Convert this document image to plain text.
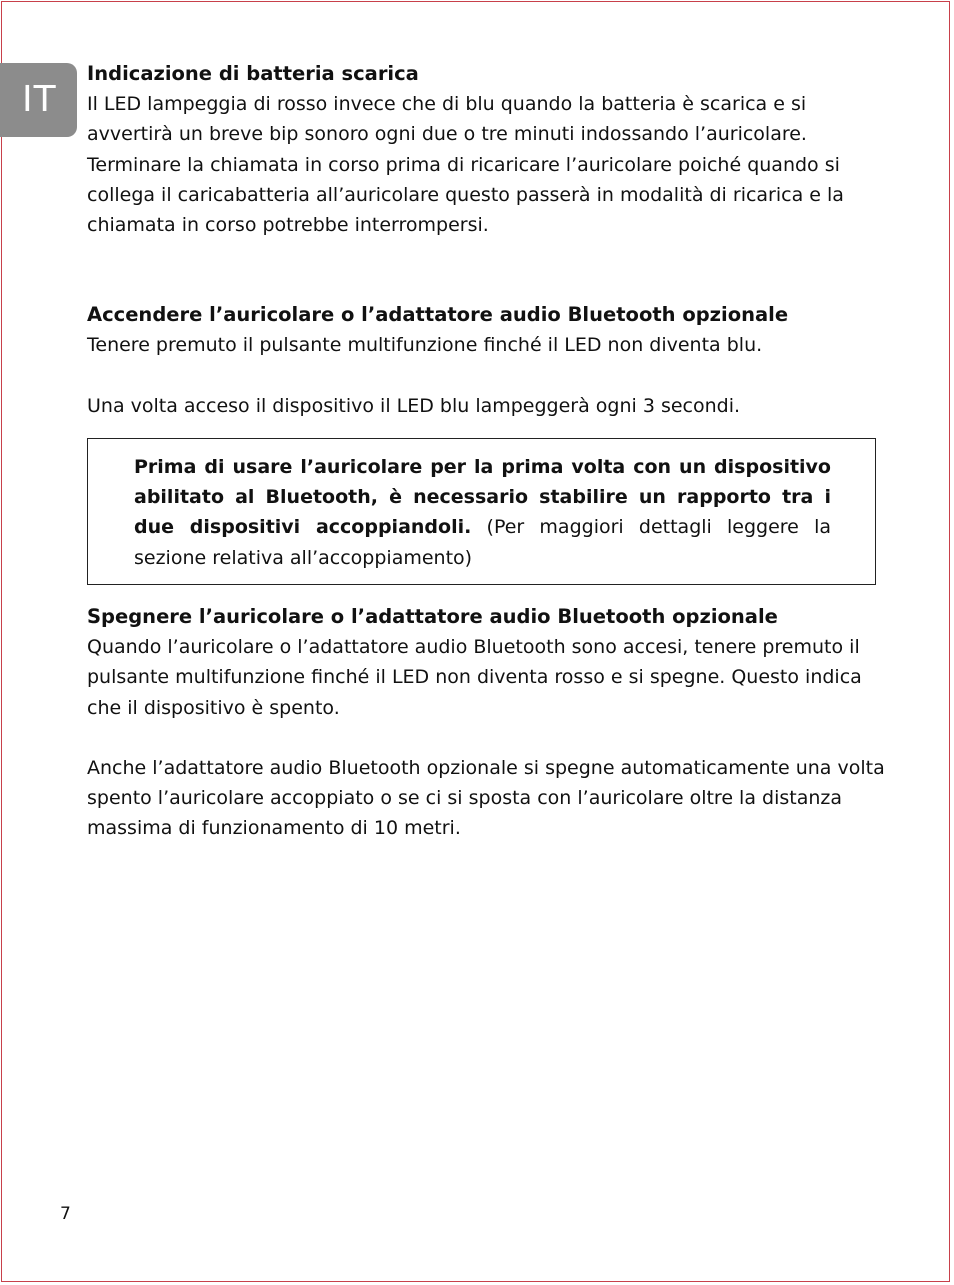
IT
Indicazione di batteria scarica

Il LED lampeggia di rosso invece che di blu quando la batteria è scarica e si avvertirà un breve bip sonoro ogni due o tre minuti indossando l’auricolare. Terminare la chiamata in corso prima di ricaricare l’auricolare poiché quando si collega il caricabatteria all’auricolare questo passerà in modalità di ricarica e la chiamata in corso potrebbe interrompersi.

Accendere l’auricolare o l’adattatore audio Bluetooth opzionale

Tenere premuto il pulsante multifunzione finché il LED non diventa blu.

Una volta acceso il dispositivo il LED blu lampeggerà ogni 3 secondi.

Prima di usare l’auricolare per la prima volta con un dispositivo abilitato al Bluetooth, è necessario stabilire un rapporto tra i due dispositivi accoppiandoli. (Per maggiori dettagli leggere la sezione relativa all’accoppiamento)

Spegnere l’auricolare o l’adattatore audio Bluetooth opzionale

Quando l’auricolare o l’adattatore audio Bluetooth sono accesi, tenere premuto il pulsante multifunzione finché il LED non diventa rosso e si spegne. Questo indica che il dispositivo è spento.

Anche l’adattatore audio Bluetooth opzionale si spegne automaticamente una volta spento l’auricolare accoppiato o se ci si sposta con l’auricolare oltre la distanza massima di funzionamento di 10 metri.

7
